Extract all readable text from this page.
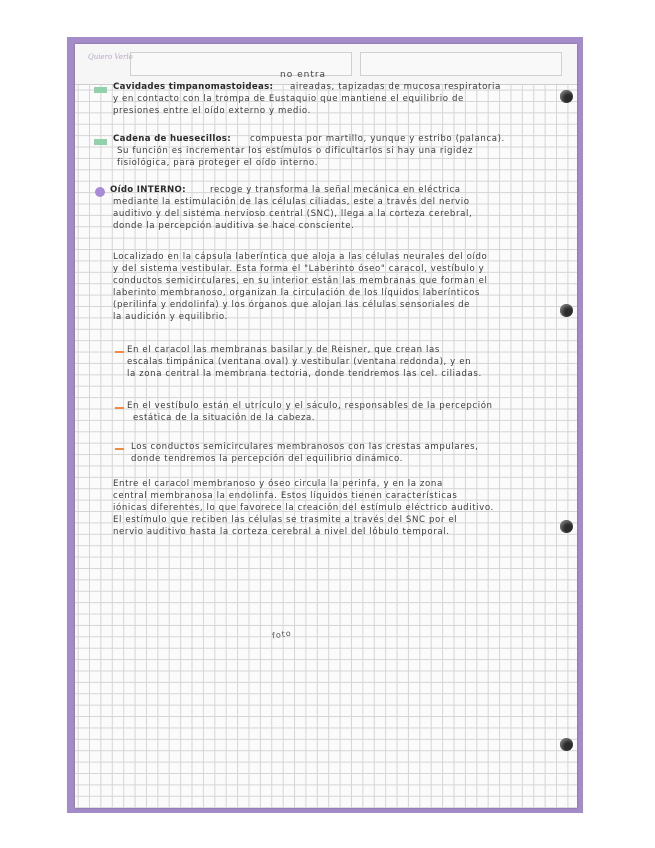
no entra
Quiero Verlo
Cavidades timpanomastoideas: aireadas, tapizadas de mucosa respiratoria
y en contacto con la trompa de Eustaquio que mantiene el equilibrio de
presiones entre el oído externo y medio.
Cadena de huesecillos: compuesta por martillo, yunque y estribo (palanca).
Su función es incrementar los estímulos o dificultarlos si hay una rigidez
fisiológica, para proteger el oído interno.
Oído INTERNO:	recoge y transforma la señal mecánica en eléctrica
mediante la estimulación de las células ciliadas, este a través del nervio
auditivo y del sistema nervioso central (SNC), llega a la corteza cerebral,
donde la percepción auditiva se hace consciente.
Localizado en la cápsula laberíntica que aloja a las células neurales del oído
y del sistema vestibular. Esta forma el "Laberinto óseo" caracol, vestíbulo y
conductos semicirculares, en su interior están las membranas que forman el
laberinto membranoso, organizan la circulación de los líquidos laberínticos
(perilinfa y endolinfa) y los órganos que alojan las células sensoriales de
la audición y equilibrio.
En el caracol las membranas basilar y de Reisner, que crean las
escalas timpánica (ventana oval) y vestibular (ventana redonda), y en
la zona central la membrana tectoria, donde tendremos las cel. ciliadas.
En el vestíbulo están el utrículo y el sáculo, responsables de la percepción
estática de la situación de la cabeza.
Los conductos semicirculares membranosos con las crestas ampulares,
donde tendremos la percepción del equilibrio dinámico.
Entre el caracol membranoso y óseo circula la perinfa, y en la zona
central membranosa la endolinfa. Estos líquidos tienen características
iónicas diferentes, lo que favorece la creación del estímulo eléctrico auditivo.
El estímulo que reciben las células se trasmite a través del SNC por el
nervio auditivo hasta la corteza cerebral a nivel del lóbulo temporal.
foto
